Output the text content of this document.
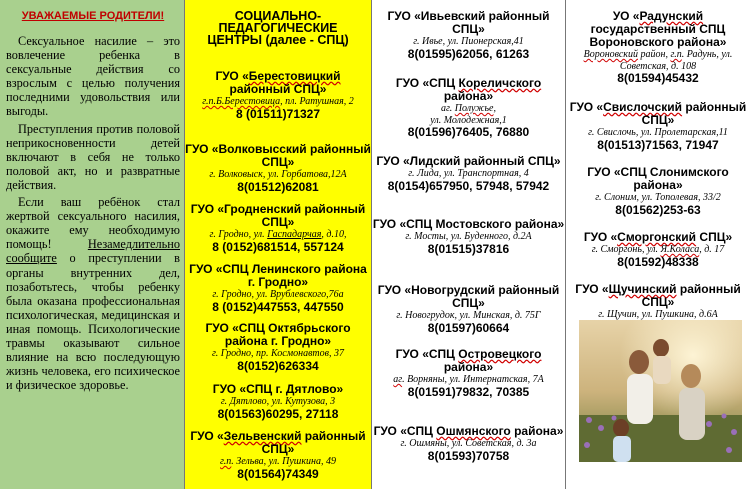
УВАЖАЕМЫЕ РОДИТЕЛИ!

Сексуальное насилие – это вовлечение ребенка в сексуальные действия со взрослым с целью получения последними удовольствия или выгоды.

Преступления против половой неприкосновенности детей включают в себя не только половой акт, но и развратные действия.

Если ваш ребёнок стал жертвой сексуального насилия, окажите ему необходимую помощь!	Незамедлительно сообщите о преступлении в органы внутренних дел, позаботьтесь, чтобы ребенку была оказана профессиональная психологическая, медицинская и иная помощь. Психологические травмы оказывают сильное влияние на всю последующую жизнь человека, его психическое и физическое здоровье.

СОЦИАЛЬНО-
ПЕДАГОГИЧЕСКИЕ
ЦЕНТРЫ (далее - СПЦ)
ГУО «Берестовицкий районный СПЦ»
г.п.Б.Берестовица, пл. Ратушная, 2
8 (01511)71327
ГУО «Волковысский районный СПЦ»
г. Волковыск, ул. Горбатова,12А
8(01512)62081
ГУО «Гродненский районный СПЦ»
г. Гродно, ул. Гаспадарчая, д.10,
8 (0152)681514, 557124
ГУО «СПЦ Ленинского района г. Гродно»
г. Гродно, ул. Врублевского,76а
8 (0152)447553, 447550
ГУО «СПЦ Октябрьского района г. Гродно»
г. Гродно, пр. Космонавтов, 37
8(0152)626334
ГУО «СПЦ г. Дятлово»
г. Дятлово, ул. Кутузова, 3
8(01563)60295, 27118
ГУО «Зельвенский районный СПЦ»
г.п. Зельва, ул. Пушкина, 49
8(01564)74349
ГУО «Ивьевский районный СПЦ»
г. Ивье, ул. Пионерская,41
8(01595)62056, 61263
ГУО «СПЦ Кореличского района»
аг. Полужье,
ул. Молодежная,1
8(01596)76405, 76880
ГУО «Лидский районный СПЦ»
г. Лида, ул. Транспортная, 4
8(0154)657950, 57948, 57942
ГУО «СПЦ Мостовского района»
г. Мосты, ул. Буденного, д.2А
8(01515)37816
ГУО «Новогрудский районный СПЦ»
г. Новогрудок, ул. Минская, д. 75Г
8(01597)60664
ГУО «СПЦ Островецкого района»
аг. Ворняны, ул. Интернатская, 7А
8(01591)79832, 70385
ГУО «СПЦ Ошмянского района»
г. Ошмяны, ул. Советская, д. 3а
8(01593)70758
УО «Радунский государственный СПЦ Вороновского района»
Вороновский район, г.п. Радунь, ул. Советская, д. 108
8(01594)45432
ГУО «Свислочский районный СПЦ»
г. Свислочь, ул. Пролетарская,11
8(01513)71563, 71947
ГУО «СПЦ Слонимского района»
г. Слоним, ул. Тополевая, 33/2
8(01562)253-63
ГУО «Сморгонский СПЦ»
г. Сморгонь, ул. Я.Коласа, д. 17
8(01592)48338
ГУО «Щучинский районный СПЦ»
г. Щучин, ул. Пушкина, д.6А
